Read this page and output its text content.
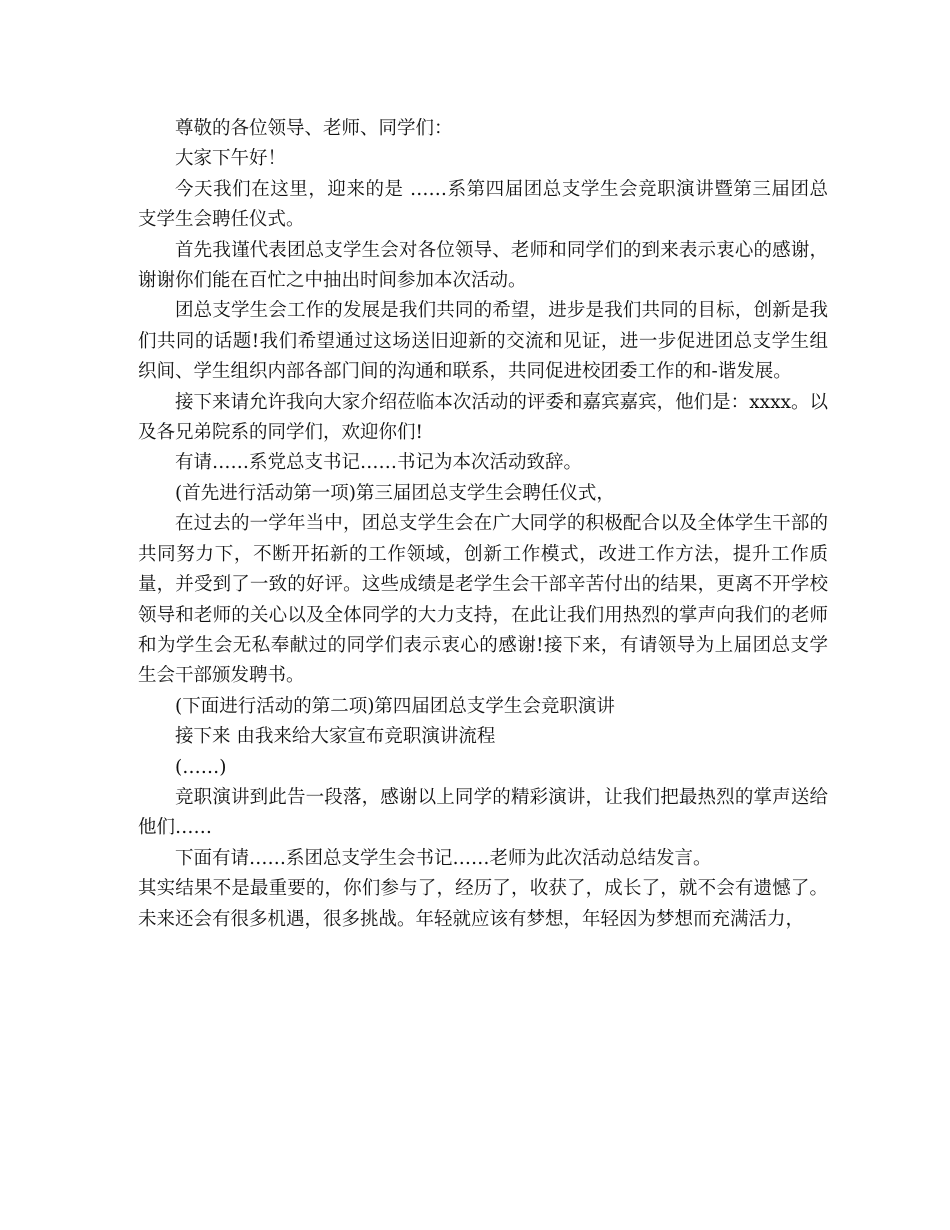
尊敬的各位领导、老师、同学们：

大家下午好！

今天我们在这里，迎来的是 ……系第四届团总支学生会竞职演讲暨第三届团总支学生会聘任仪式。

首先我谨代表团总支学生会对各位领导、老师和同学们的到来表示衷心的感谢，谢谢你们能在百忙之中抽出时间参加本次活动。

团总支学生会工作的发展是我们共同的希望，进步是我们共同的目标，创新是我们共同的话题!我们希望通过这场送旧迎新的交流和见证，进一步促进团总支学生组织间、学生组织内部各部门间的沟通和联系，共同促进校团委工作的和-谐发展。

接下来请允许我向大家介绍莅临本次活动的评委和嘉宾嘉宾，他们是：xxxx。以及各兄弟院系的同学们，欢迎你们!

有请……系党总支书记……书记为本次活动致辞。

(首先进行活动第一项)第三届团总支学生会聘任仪式，

在过去的一学年当中，团总支学生会在广大同学的积极配合以及全体学生干部的共同努力下，不断开拓新的工作领域，创新工作模式，改进工作方法，提升工作质量，并受到了一致的好评。这些成绩是老学生会干部辛苦付出的结果，更离不开学校领导和老师的关心以及全体同学的大力支持，在此让我们用热烈的掌声向我们的老师和为学生会无私奉献过的同学们表示衷心的感谢!接下来，有请领导为上届团总支学生会干部颁发聘书。

(下面进行活动的第二项)第四届团总支学生会竞职演讲

接下来 由我来给大家宣布竞职演讲流程

(……)

竞职演讲到此告一段落，感谢以上同学的精彩演讲，让我们把最热烈的掌声送给他们……

下面有请……系团总支学生会书记……老师为此次活动总结发言。

其实结果不是最重要的，你们参与了，经历了，收获了，成长了，就不会有遗憾了。未来还会有很多机遇，很多挑战。年轻就应该有梦想，年轻因为梦想而充满活力，
